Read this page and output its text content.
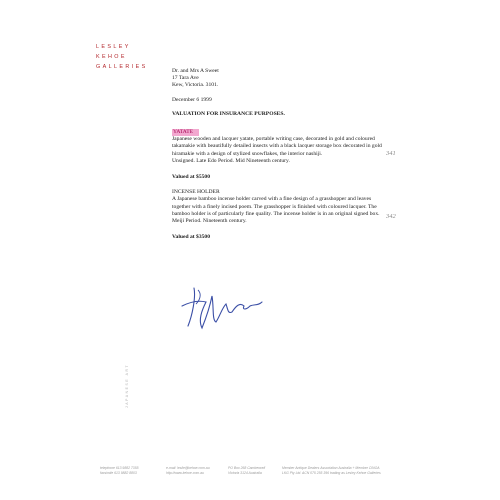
LESLEY
KEHOE
GALLERIES
Dr. and Mrs A Sweet
17 Tara Ave
Kew, Victoria. 3101.
December 6 1999
VALUATION FOR INSURANCE PURPOSES.
YATATE
Japanese wooden and lacquer yatate, portable writing case, decorated in gold and coloured takamakie with beautifully detailed insects with a black lacquer storage box decorated in gold hiramakie with a design of stylized snowflakes, the interior nashiji.
Unsigned. Late Edo Period. Mid Nineteenth century.
Valued at $5500
INCENSE HOLDER
A Japanese bamboo incense holder carved with a fine design of a grasshopper and leaves together with a finely incised poem. The grasshopper is finished with coloured lacquer. The bamboo holder is of particularly fine quality. The incense holder is in an original signed box.
Meiji Period. Nineteenth century.
Valued at $3500
341
342
JAPANESE ART
telephone 613 9882 7355
facsimile 613 9882 8803
e-mail: leslie@kehoe.com.au
http://www.kehoe.com.au
PO Box 268 Camberwell
Victoria 3124 Australia
Member Antique Dealers Association Australia + Member CINOA
LKG Pty Ltd. ACN 075 255 396 trading as Lesley Kehoe Galleries
